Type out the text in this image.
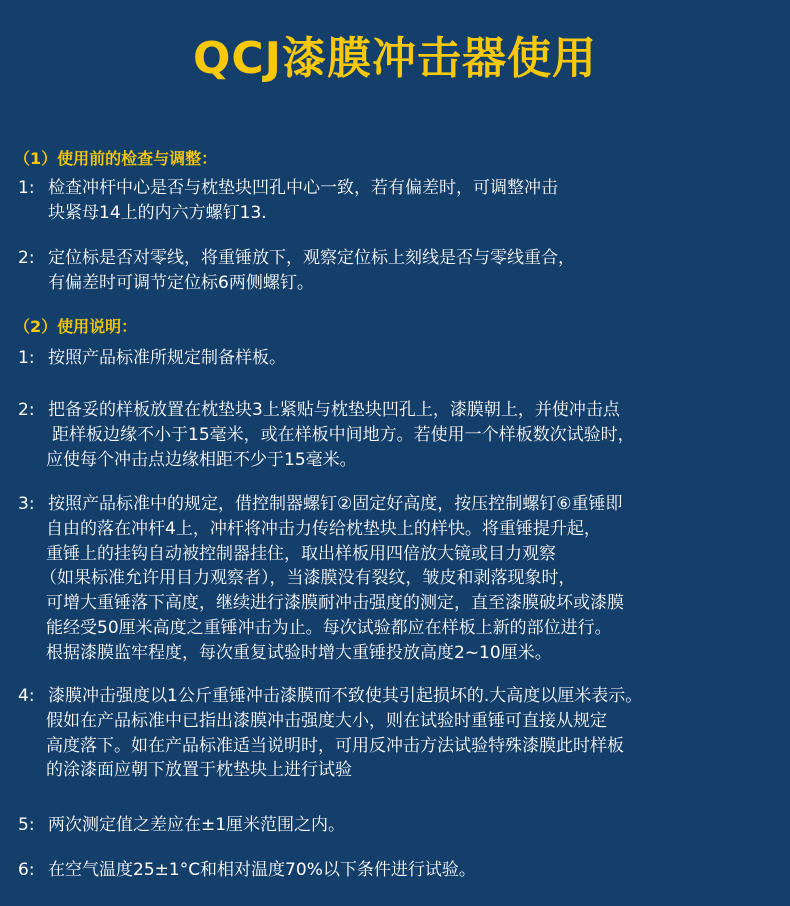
QCJ漆膜冲击器使用
（1）使用前的检查与调整：
1: 检查冲杆中心是否与枕垫块凹孔中心一致，若有偏差时，可调整冲击
块紧母14上的内六方螺钉13.
2: 定位标是否对零线，将重锤放下，观察定位标上刻线是否与零线重合，
有偏差时可调节定位标6两侧螺钉。
（2）使用说明：
1: 按照产品标准所规定制备样板。
2: 把备妥的样板放置在枕垫块3上紧贴与枕垫块凹孔上，漆膜朝上，并使冲击点
距样板边缘不小于15毫米，或在样板中间地方。若使用一个样板数次试验时，
应使每个冲击点边缘相距不少于15毫米。
3: 按照产品标准中的规定，借控制器螺钉②固定好高度，按压控制螺钉⑥重锤即
自由的落在冲杆4上，冲杆将冲击力传给枕垫块上的样快。将重锤提升起，
重锤上的挂钩自动被控制器挂住，取出样板用四倍放大镜或目力观察
（如果标准允许用目力观察者），当漆膜没有裂纹，皱皮和剥落现象时，
可增大重锤落下高度，继续进行漆膜耐冲击强度的测定，直至漆膜破坏或漆膜
能经受50厘米高度之重锤冲击为止。每次试验都应在样板上新的部位进行。
根据漆膜监牢程度，每次重复试验时增大重锤投放高度2~10厘米。
4: 漆膜冲击强度以1公斤重锤冲击漆膜而不致使其引起损坏的.大高度以厘米表示。
假如在产品标准中已指出漆膜冲击强度大小，则在试验时重锤可直接从规定
高度落下。如在产品标准适当说明时，可用反冲击方法试验特殊漆膜此时样板
的涂漆面应朝下放置于枕垫块上进行试验
5: 两次测定值之差应在±1厘米范围之内。
6: 在空气温度25±1°C和相对温度70%以下条件进行试验。
